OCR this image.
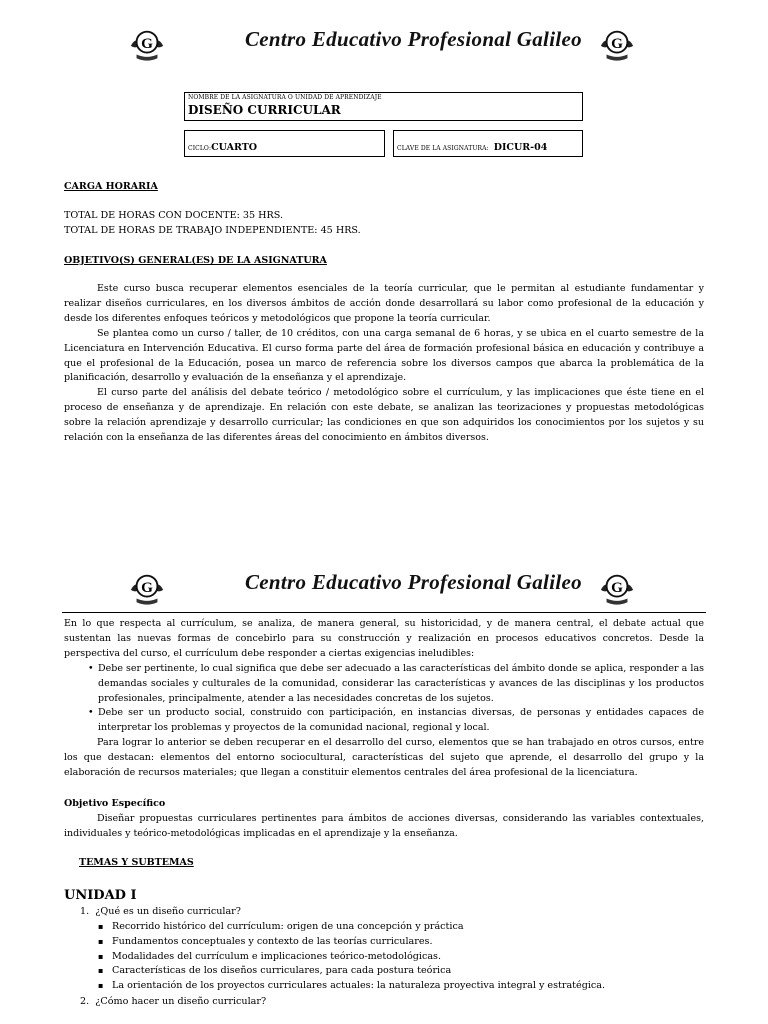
G	Centro Educativo Profesional Galileo G
NOMBRE DE LA ASIGNATURA O UNIDAD DE APRENDIZAJE
DISEÑO CURRICULAR
CICLO:CUARTO	CLAVE DE LA ASIGNATURA: DICUR-04
CARGA HORARIA
TOTAL DE HORAS CON DOCENTE: 35 HRS.
TOTAL DE HORAS DE TRABAJO INDEPENDIENTE: 45 HRS.
OBJETIVO(S) GENERAL(ES) DE LA ASIGNATURA

Este curso busca recuperar elementos esenciales de la teoría curricular, que le permitan al estudiante fundamentar y realizar diseños curriculares, en los diversos ámbitos de acción donde desarrollará su labor como profesional de la educación y desde los diferentes enfoques teóricos y metodológicos que propone la teoría curricular.

Se plantea como un curso / taller, de 10 créditos, con una carga semanal de 6 horas, y se ubica en el cuarto semestre de la Licenciatura en Intervención Educativa. El curso forma parte del área de formación profesional básica en educación y contribuye a que el profesional de la Educación, posea un marco de referencia sobre los diversos campos que abarca la problemática de la planificación, desarrollo y evaluación de la enseñanza y el aprendizaje.

El curso parte del análisis del debate teórico / metodológico sobre el currículum, y las implicaciones que éste tiene en el proceso de enseñanza y de aprendizaje. En relación con este debate, se analizan las teorizaciones y propuestas metodológicas sobre la relación aprendizaje y desarrollo curricular; las condiciones en que son adquiridos los conocimientos por los sujetos y su relación con la enseñanza de las diferentes áreas del conocimiento en ámbitos diversos.

G	Centro Educativo Profesional Galileo G

En lo que respecta al currículum, se analiza, de manera general, su historicidad, y de manera central, el debate actual que sustentan las nuevas formas de concebirlo para su construcción y realización en procesos educativos concretos. Desde la perspectiva del curso, el currículum debe responder a ciertas exigencias ineludibles:

• Debe ser pertinente, lo cual significa que debe ser adecuado a las características del ámbito donde se aplica, responder a las demandas sociales y culturales de la comunidad, considerar las características y avances de las disciplinas y los productos profesionales, principalmente, atender a las necesidades concretas de los sujetos.
• Debe ser un producto social, construido con participación, en instancias diversas, de personas y entidades capaces de interpretar los problemas y proyectos de la comunidad nacional, regional y local.

Para lograr lo anterior se deben recuperar en el desarrollo del curso, elementos que se han trabajado en otros cursos, entre los que destacan: elementos del entorno sociocultural, características del sujeto que aprende, el desarrollo del grupo y la elaboración de recursos materiales; que llegan a constituir elementos centrales del área profesional de la licenciatura.

Objetivo Específico

Diseñar propuestas curriculares pertinentes para ámbitos de acciones diversas, considerando las variables contextuales, individuales y teórico-metodológicas implicadas en el aprendizaje y la enseñanza.

TEMAS Y SUBTEMAS
UNIDAD I
1. ¿Qué es un diseño curricular?
▪ Recorrido histórico del currículum: origen de una concepción y práctica
▪ Fundamentos conceptuales y contexto de las teorías curriculares.
▪ Modalidades del currículum e implicaciones teórico-metodológicas.
▪ Características de los diseños curriculares, para cada postura teórica
▪ La orientación de los proyectos curriculares actuales: la naturaleza proyectiva integral y estratégica.
2. ¿Cómo hacer un diseño curricular?
